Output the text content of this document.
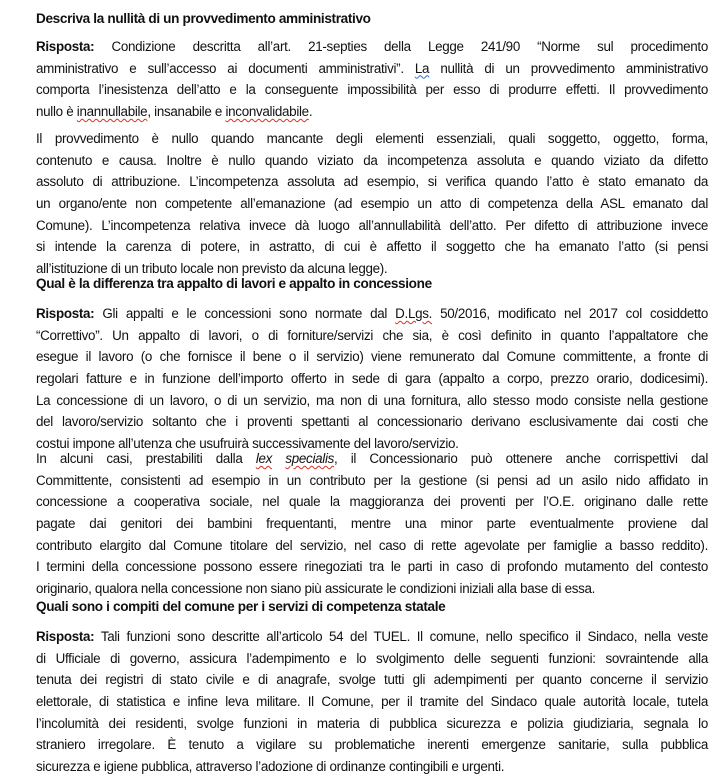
Descriva la nullità di un provvedimento amministrativo
Risposta: Condizione descritta all’art. 21-septies della Legge 241/90 “Norme sul procedimento
amministrativo e sull’accesso ai documenti amministrativi”. La nullità di un provvedimento amministrativo
comporta l’inesistenza dell’atto e la conseguente impossibilità per esso di produrre effetti. Il provvedimento
nullo è inannullabile, insanabile e inconvalidabile.
Il provvedimento è nullo quando mancante degli elementi essenziali, quali soggetto, oggetto, forma,
contenuto e causa. Inoltre è nullo quando viziato da incompetenza assoluta e quando viziato da difetto
assoluto di attribuzione. L’incompetenza assoluta ad esempio, si verifica quando l’atto è stato emanato da
un organo/ente non competente all’emanazione (ad esempio un atto di competenza della ASL emanato dal
Comune). L’incompetenza relativa invece dà luogo all’annullabilità dell’atto. Per difetto di attribuzione invece
si intende la carenza di potere, in astratto, di cui è affetto il soggetto che ha emanato l’atto (si pensi
all’istituzione di un tributo locale non previsto da alcuna legge).
Qual è la differenza tra appalto di lavori e appalto in concessione
Risposta: Gli appalti e le concessioni sono normate dal D.Lgs. 50/2016, modificato nel 2017 col cosiddetto
“Correttivo”. Un appalto di lavori, o di forniture/servizi che sia, è così definito in quanto l’appaltatore che
esegue il lavoro (o che fornisce il bene o il servizio) viene remunerato dal Comune committente, a fronte di
regolari fatture e in funzione dell’importo offerto in sede di gara (appalto a corpo, prezzo orario, dodicesimi).
La concessione di un lavoro, o di un servizio, ma non di una fornitura, allo stesso modo consiste nella gestione
del lavoro/servizio soltanto che i proventi spettanti al concessionario derivano esclusivamente dai costi che
costui impone all’utenza che usufruirà successivamente del lavoro/servizio.
In alcuni casi, prestabiliti dalla lex specialis, il Concessionario può ottenere anche corrispettivi dal
Committente, consistenti ad esempio in un contributo per la gestione (si pensi ad un asilo nido affidato in
concessione a cooperativa sociale, nel quale la maggioranza dei proventi per l’O.E. originano dalle rette
pagate dai genitori dei bambini frequentanti, mentre una minor parte eventualmente proviene dal
contributo elargito dal Comune titolare del servizio, nel caso di rette agevolate per famiglie a basso reddito).
I termini della concessione possono essere rinegoziati tra le parti in caso di profondo mutamento del contesto
originario, qualora nella concessione non siano più assicurate le condizioni iniziali alla base di essa.
Quali sono i compiti del comune per i servizi di competenza statale
Risposta: Tali funzioni sono descritte all’articolo 54 del TUEL. Il comune, nello specifico il Sindaco, nella veste
di Ufficiale di governo, assicura l’adempimento e lo svolgimento delle seguenti funzioni: sovraintende alla
tenuta dei registri di stato civile e di anagrafe, svolge tutti gli adempimenti per quanto concerne il servizio
elettorale, di statistica e infine leva militare. Il Comune, per il tramite del Sindaco quale autorità locale, tutela
l’incolumità dei residenti, svolge funzioni in materia di pubblica sicurezza e polizia giudiziaria, segnala lo
straniero irregolare. È tenuto a vigilare su problematiche inerenti emergenze sanitarie, sulla pubblica
sicurezza e igiene pubblica, attraverso l’adozione di ordinanze contingibili e urgenti.
